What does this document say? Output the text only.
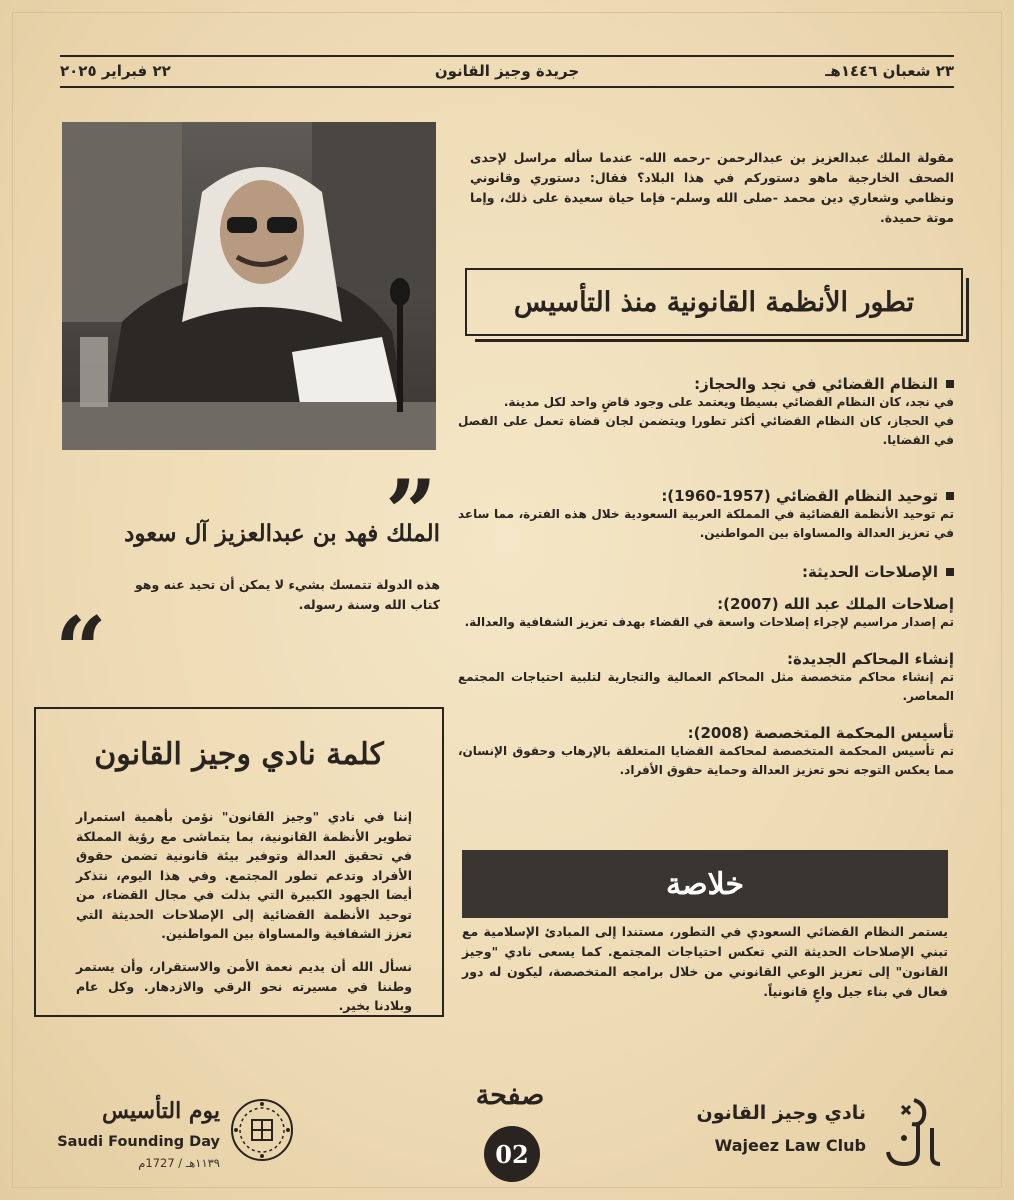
٢٣ شعبان ١٤٤٦هـ
جريدة وجيز القانون
٢٢ فبراير ٢٠٢٥
مقولة الملك عبدالعزيز بن عبدالرحمن -رحمه الله- عندما سأله مراسل لإحدى الصحف الخارجية ماهو دستوركم في هذا البلاد؟ فقال: دستوري وقانوني ونظامي وشعاري دين محمد -صلى الله وسلم- فإما حياة سعيدة على ذلك، وإما موتة حميدة.
تطور الأنظمة القانونية منذ التأسيس
النظام القضائي في نجد والحجاز:
في نجد، كان النظام القضائي بسيطا ويعتمد على وجود قاضٍ واحد لكل مدينة.
في الحجاز، كان النظام القضائي أكثر تطورا ويتضمن لجان قضاة تعمل على الفصل في القضايا.
توحيد النظام القضائي (1957-1960):
تم توحيد الأنظمة القضائية في المملكة العربية السعودية خلال هذه الفترة، مما ساعد في تعزيز العدالة والمساواة بين المواطنين.
الإصلاحات الحديثة:
إصلاحات الملك عبد الله (2007):
تم إصدار مراسيم لإجراء إصلاحات واسعة في القضاء بهدف تعزيز الشفافية والعدالة.
إنشاء المحاكم الجديدة:
تم إنشاء محاكم متخصصة مثل المحاكم العمالية والتجارية لتلبية احتياجات المجتمع المعاصر.
تأسيس المحكمة المتخصصة (2008):
تم تأسيس المحكمة المتخصصة لمحاكمة القضايا المتعلقة بالإرهاب وحقوق الإنسان، مما يعكس التوجه نحو تعزيز العدالة وحماية حقوق الأفراد.
”
الملك فهد بن عبدالعزيز آل سعود
هذه الدولة تتمسك بشيء لا يمكن أن تحيد عنه وهو كتاب الله وسنة رسوله.
“
كلمة نادي وجيز القانون
إننا في نادي "وجيز القانون" نؤمن بأهمية استمرار تطوير الأنظمة القانونية، بما يتماشى مع رؤية المملكة في تحقيق العدالة وتوفير بيئة قانونية تضمن حقوق الأفراد وتدعم تطور المجتمع. وفي هذا اليوم، نتذكر أيضا الجهود الكبيرة التي بذلت في مجال القضاء، من توحيد الأنظمة القضائية إلى الإصلاحات الحديثة التي تعزز الشفافية والمساواة بين المواطنين.
نسأل الله أن يديم نعمة الأمن والاستقرار، وأن يستمر وطننا في مسيرته نحو الرقي والازدهار. وكل عام وبلادنا بخير.
خلاصة
يستمر النظام القضائي السعودي في التطور، مستندا إلى المبادئ الإسلامية مع تبني الإصلاحات الحديثة التي تعكس احتياجات المجتمع. كما يسعى نادي "وجيز القانون" إلى تعزيز الوعي القانوني من خلال برامجه المتخصصة، ليكون له دور فعال في بناء جيل واعٍ قانونياً.
نادي وجيز القانون
Wajeez Law Club
صفحة
02
يوم التأسيس
Saudi Founding Day
١١٣٩هـ / 1727م
